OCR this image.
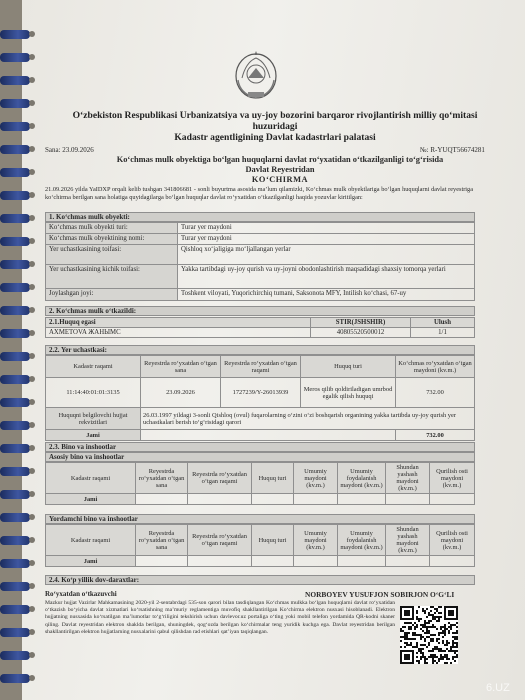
O‘zbekiston Respublikasi Urbanizatsiya va uy-joy bozorini barqaror rivojlantirish milliy qo‘mitasi
huzuridagi
Kadastr agentligining Davlat kadastrlari palatasi
Sana: 23.09.2026	№: R-YUQT56674281
Ko‘chmas mulk obyektiga bo‘lgan huquqlarni davlat ro‘yxatidan o‘tkazilganligi to‘g‘risida
Davlat Reyestridan
KO‘CHIRMA
21.09.2026 yilda YaIDXP orqali kelib tushgan 341806681 - sonli buyurtma asosida ma’lum qilamizki, Ko‘chmas mulk obyektlariga bo‘lgan huquqlarni davlat reyestriga ko‘chirma berilgan sana holatiga quyidagilarga bo‘lgan huquqlar davlat ro‘yxatidan o‘tkazilganligi haqida yozuvlar kiritilgan:
1. Ko‘chmas mulk obyekti:
Ko‘chmas mulk obyekti turi:	Turar yer maydoni
Ko‘chmas mulk obyektining nomi:	Turar yer maydoni
Yer uchastkasining toifasi:	Qishloq xo‘jaligiga mo‘ljallangan yerlar
Yer uchastkasining kichik toifasi:	Yakka tartibdagi uy-joy qurish va uy-joyni obodonlashtirish maqsadidagi shaxsiy tomorqa yerlari
Joylashgan joyi:	Toshkent viloyati, Yuqorichirchiq tumani, Saksonota MFY, Intilish ko‘chasi, 67-uy
2. Ko‘chmas mulk o‘tkazildi:
2.1.Huquq egasi	STIR(JSHSHIR)	Ulush
AXMETOVA ЖАНЫМС	40805520500012	1/1
2.2. Yer uchastkasi:
Kadastr raqami	Reyestrda ro‘yxatdan o‘tgan sana	Reyestrda ro‘yxatdan o‘tgan raqami	Huquq turi	Ko‘chmas ro‘yxatdan o‘tgan maydoni (kv.m.)
11:14:40:01:01:3135	23.09.2026	1727239/Y-26013939	Meros qilib qoldiriladigan umrbod egalik qilish huquqi	732.00
Huquqni belgilovchi hujjat rekvizitlari	26.03.1997 yildagi 3-sonli Qishloq (ovul) fuqarolarning o‘zini o‘zi boshqarish organining yakka tartibda uy-joy qurish yer uchastkalari berish to‘g‘risidagi qarori			
Jami				732.00
2.3. Bino va inshootlar
Asosiy bino va inshootlar
Kadastr raqami	Reyestrda ro‘yxatdan o‘tgan sana	Reyestrda ro‘yxatdan o‘tgan raqami	Huquq turi	Umumiy maydoni (kv.m.)	Umumiy foydalanish maydoni (kv.m.)	Shundan yashash maydoni (kv.m.)	Qurilish osti maydoni (kv.m.)
Jami							
Yordamchi bino va inshootlar
Kadastr raqami	Reyestrda ro‘yxatdan o‘tgan sana	Reyestrda ro‘yxatdan o‘tgan raqami	Huquq turi	Umumiy maydoni (kv.m.)	Umumiy foydalanish maydoni (kv.m.)	Shundan yashash maydoni (kv.m.)	Qurilish osti maydoni (kv.m.)
Jami							
2.4. Ko‘p yillik dov-daraxtlar:
NORBOYEV YUSUFJON SOBIRJON O‘G‘LI
Ro‘yxatdan o‘tkazuvchi
Mazkur hujjat Vazirlar Mahkamasining 2020-yil 2-sentabrdagi 535-son qarori bilan tasdiqlangan Ko‘chmas mulkka bo‘lgan huquqlarni davlat ro‘yxatidan o‘tkazish bo‘yicha davlat xizmatlari ko‘rsatishning ma’muriy reglamentiga muvofiq shakllantirilgan Ko‘chirma elektron nusxasi hisoblanadi. Elektron hujjatning nusxasida ko‘rsatilgan ma’lumotlar to‘g‘riligini tekshirish uchun davlevor.uz portaliga o‘ting yoki mobil telefon yordamida QR-kodni skaner qiling. Davlat reyestridan elektron shaklda berilgan, shuningdek, qog‘ozda berilgan ko‘chirmalar teng yuridik kuchga ega. Davlat reyestridan berilgan shakllantirilgan elektron hujjatlarning nusxalarini qabul qilishdan rad etishlari qat’iyan taqiqlangan.
6.UZ
